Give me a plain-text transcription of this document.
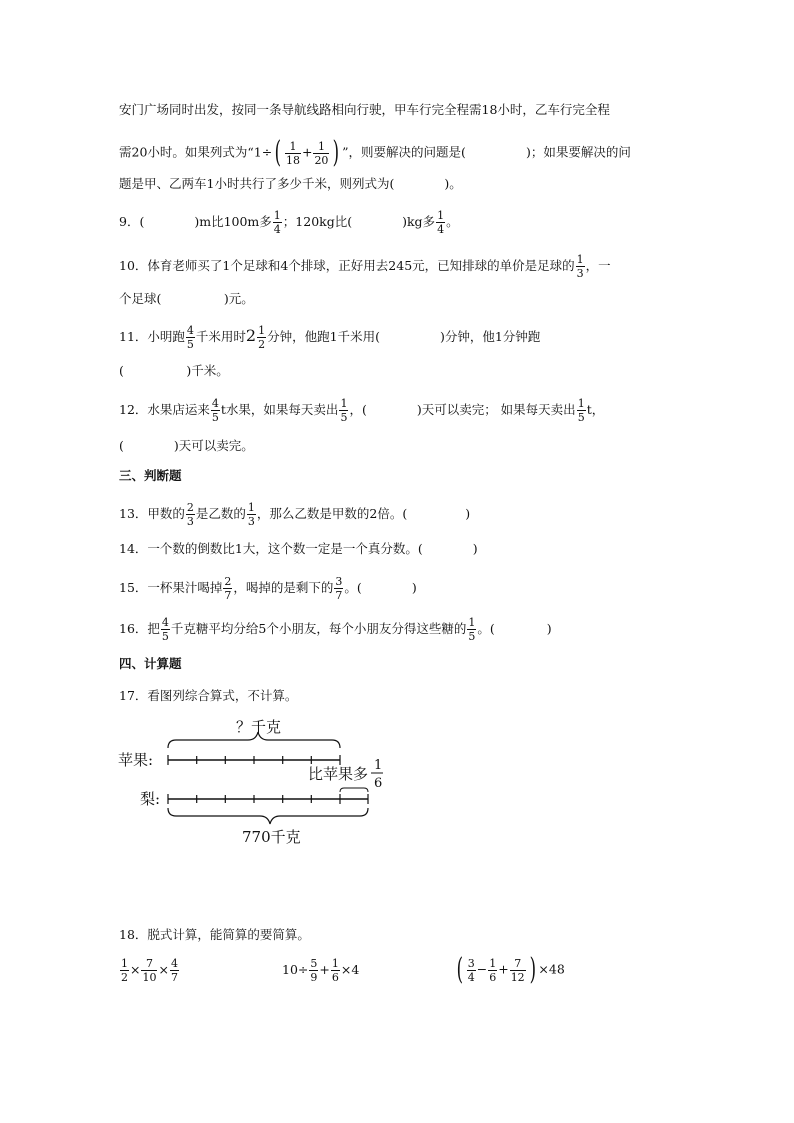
安门广场同时出发，按同一条导航线路相向行驶，甲车行完全程需18小时，乙车行完全程
需20小时。如果列式为“$1\div( \frac{1}{18} + \frac{1}{20}$ ) ”，则要解决的问题是(	)；如果要解决的问
题是甲、乙两车1小时共行了多少千米，则列式为(　　　　)。
9．(	)m比100m多 $\frac{1}{4}$ ；120kg比(	)kg多 $\frac{1}{4}$ 。
10．体育老师买了1个足球和4个排球，正好用去245元，已知排球的单价是足球的 $\frac{1}{3}$ ，一
个足球(　　　　　)元。
11．小明跑 $\frac{4}{5}$ 千米用时$2 \frac{1}{2}$ 分钟，他跑1千米用(	)分钟，他1分钟跑
(　　　　　)千米。
12．水果店运来 $\frac{4}{5}$ t水果，如果每天卖出 $\frac{1}{5}$ ，(	)天可以卖完； 如果每天卖出 $\frac{1}{5}$ t，
(　　　　)天可以卖完。
三、判断题
13．甲数的 $\frac{2}{3}$ 是乙数的 $\frac{1}{3}$ ，那么乙数是甲数的2倍。(	)
14．一个数的倒数比1大，这个数一定是一个真分数。(　　　　)
15．一杯果汁喝掉 $\frac{2}{7}$ ，喝掉的是剩下的 $\frac{3}{7}$ 。(	)
16．把 $\frac{4}{5}$ 千克糖平均分给5个小朋友，每个小朋友分得这些糖的 $\frac{1}{5}$ 。(	)
四、计算题
17．看图列综合算式，不计算。
？千克
苹果:
比苹果多 1
6
梨:
770千克
18．脱式计算，能简算的要简算。
$\frac{1}{2} \times \frac{7}{10} \times \frac{4}{7}$	$10\div \frac{5}{9} + \frac{1}{6} \times 4$	( $\frac{3}{4} - \frac{1}{6} + \frac{7}{12}$ ) ×48
